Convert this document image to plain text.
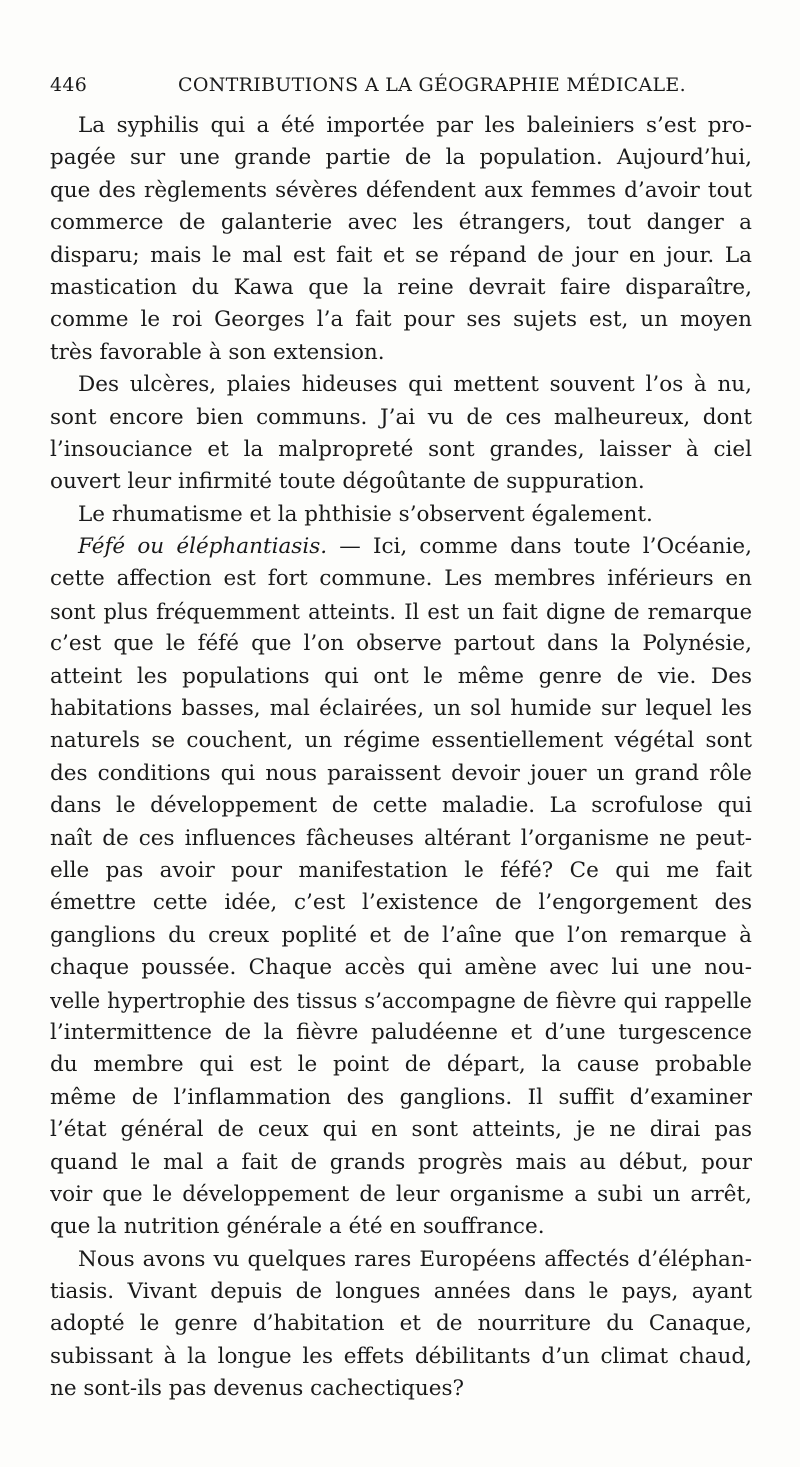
446	CONTRIBUTIONS A LA GÉOGRAPHIE MÉDICALE.
La syphilis qui a été importée par les baleiniers s’est pro-
pagée sur une grande partie de la population. Aujourd’hui,
que des règlements sévères défendent aux femmes d’avoir tout
commerce de galanterie avec les étrangers, tout danger a
disparu; mais le mal est fait et se répand de jour en jour. La
mastication du Kawa que la reine devrait faire disparaître,
comme le roi Georges l’a fait pour ses sujets est, un moyen
très favorable à son extension.
Des ulcères, plaies hideuses qui mettent souvent l’os à nu,
sont encore bien communs. J’ai vu de ces malheureux, dont
l’insouciance et la malpropreté sont grandes, laisser à ciel
ouvert leur infirmité toute dégoûtante de suppuration.
Le rhumatisme et la phthisie s’observent également.
Féfé ou éléphantiasis. — Ici, comme dans toute l’Océanie,
cette affection est fort commune. Les membres inférieurs en
sont plus fréquemment atteints. Il est un fait digne de remarque
c’est que le féfé que l’on observe partout dans la Polynésie,
atteint les populations qui ont le même genre de vie. Des
habitations basses, mal éclairées, un sol humide sur lequel les
naturels se couchent, un régime essentiellement végétal sont
des conditions qui nous paraissent devoir jouer un grand rôle
dans le développement de cette maladie. La scrofulose qui
naît de ces influences fâcheuses altérant l’organisme ne peut-
elle pas avoir pour manifestation le féfé? Ce qui me fait
émettre cette idée, c’est l’existence de l’engorgement des
ganglions du creux poplité et de l’aîne que l’on remarque à
chaque poussée. Chaque accès qui amène avec lui une nou-
velle hypertrophie des tissus s’accompagne de fièvre qui rappelle
l’intermittence de la fièvre paludéenne et d’une turgescence
du membre qui est le point de départ, la cause probable
même de l’inflammation des ganglions. Il suffit d’examiner
l’état général de ceux qui en sont atteints, je ne dirai pas
quand le mal a fait de grands progrès mais au début, pour
voir que le développement de leur organisme a subi un arrêt,
que la nutrition générale a été en souffrance.
Nous avons vu quelques rares Européens affectés d’éléphan-
tiasis. Vivant depuis de longues années dans le pays, ayant
adopté le genre d’habitation et de nourriture du Canaque,
subissant à la longue les effets débilitants d’un climat chaud,
ne sont-ils pas devenus cachectiques?
